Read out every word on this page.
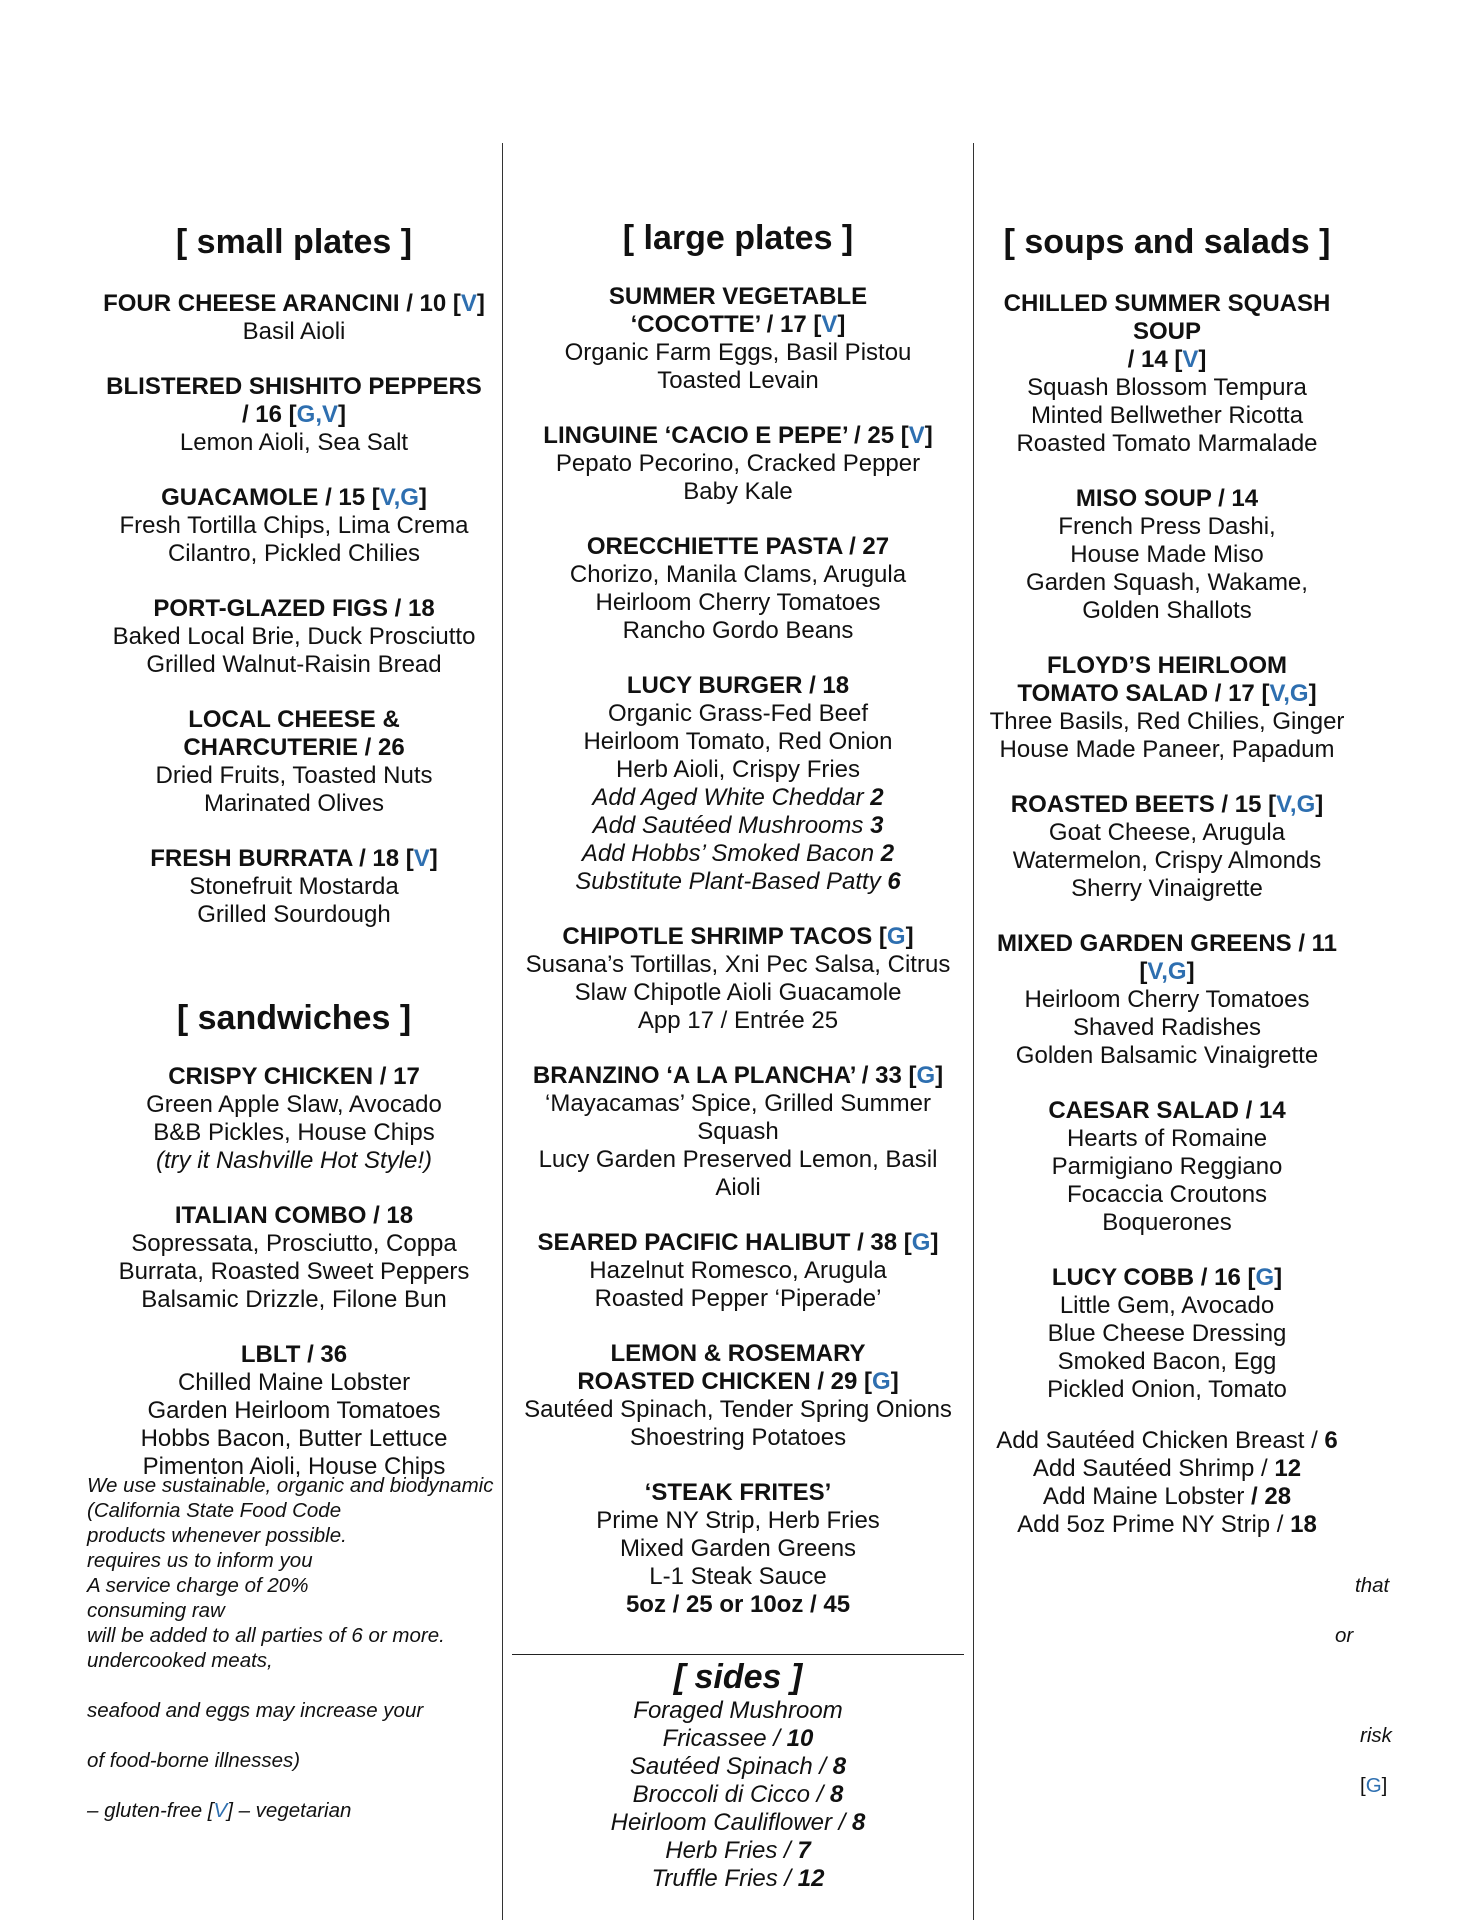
[ small plates ]
FOUR CHEESE ARANCINI / 10 [V]
Basil Aioli
BLISTERED SHISHITO PEPPERS
/ 16 [G,V]
Lemon Aioli, Sea Salt
GUACAMOLE / 15 [V,G]
Fresh Tortilla Chips, Lima Crema
Cilantro, Pickled Chilies
PORT-GLAZED FIGS / 18
Baked Local Brie, Duck Prosciutto
Grilled Walnut-Raisin Bread
LOCAL CHEESE &
CHARCUTERIE / 26
Dried Fruits, Toasted Nuts
Marinated Olives
FRESH BURRATA / 18 [V]
Stonefruit Mostarda
Grilled Sourdough
[ sandwiches ]
CRISPY CHICKEN / 17
Green Apple Slaw, Avocado
B&B Pickles, House Chips
(try it Nashville Hot Style!)
ITALIAN COMBO / 18
Sopressata, Prosciutto, Coppa
Burrata, Roasted Sweet Peppers
Balsamic Drizzle, Filone Bun
LBLT / 36
Chilled Maine Lobster
Garden Heirloom Tomatoes
Hobbs Bacon, Butter Lettuce
Pimenton Aioli, House Chips
[ large plates ]
SUMMER VEGETABLE
‘COCOTTE’ / 17 [V]
Organic Farm Eggs, Basil Pistou
Toasted Levain
LINGUINE ‘CACIO E PEPE’ / 25 [V]
Pepato Pecorino, Cracked Pepper
Baby Kale
ORECCHIETTE PASTA / 27
Chorizo, Manila Clams, Arugula
Heirloom Cherry Tomatoes
Rancho Gordo Beans
LUCY BURGER / 18
Organic Grass-Fed Beef
Heirloom Tomato, Red Onion
Herb Aioli, Crispy Fries
Add Aged White Cheddar 2
Add Sautéed Mushrooms 3
Add Hobbs’ Smoked Bacon 2
Substitute Plant-Based Patty 6
CHIPOTLE SHRIMP TACOS [G]
Susana’s Tortillas, Xni Pec Salsa, Citrus
Slaw Chipotle Aioli Guacamole
App 17 / Entrée 25
BRANZINO ‘A LA PLANCHA’ / 33 [G]
‘Mayacamas’ Spice, Grilled Summer
Squash
Lucy Garden Preserved Lemon, Basil
Aioli
SEARED PACIFIC HALIBUT / 38 [G]
Hazelnut Romesco, Arugula
Roasted Pepper ‘Piperade’
LEMON & ROSEMARY
ROASTED CHICKEN / 29 [G]
Sautéed Spinach, Tender Spring Onions
Shoestring Potatoes
‘STEAK FRITES’
Prime NY Strip, Herb Fries
Mixed Garden Greens
L-1 Steak Sauce
5oz / 25 or 10oz / 45
[ sides ]
Foraged Mushroom
Fricassee / 10
Sautéed Spinach / 8
Broccoli di Cicco / 8
Heirloom Cauliflower / 8
Herb Fries / 7
Truffle Fries / 12
[ soups and salads ]
CHILLED SUMMER SQUASH
SOUP
/ 14 [V]
Squash Blossom Tempura
Minted Bellwether Ricotta
Roasted Tomato Marmalade
MISO SOUP / 14
French Press Dashi,
House Made Miso
Garden Squash, Wakame,
Golden Shallots
FLOYD’S HEIRLOOM
TOMATO SALAD / 17 [V,G]
Three Basils, Red Chilies, Ginger
House Made Paneer, Papadum
ROASTED BEETS / 15 [V,G]
Goat Cheese, Arugula
Watermelon, Crispy Almonds
Sherry Vinaigrette
MIXED GARDEN GREENS / 11
[V,G]
Heirloom Cherry Tomatoes
Shaved Radishes
Golden Balsamic Vinaigrette
CAESAR SALAD / 14
Hearts of Romaine
Parmigiano Reggiano
Focaccia Croutons
Boquerones
LUCY COBB / 16 [G]
Little Gem, Avocado
Blue Cheese Dressing
Smoked Bacon, Egg
Pickled Onion, Tomato
Add Sautéed Chicken Breast / 6
Add Sautéed Shrimp / 12
Add Maine Lobster / 28
Add 5oz Prime NY Strip / 18
We use sustainable, organic and biodynamic
(California State Food Code
products whenever possible.
requires us to inform you
A service charge of 20%
consuming raw
will be added to all parties of 6 or more.
undercooked meats,
seafood and eggs may increase your
of food-borne illnesses)
– gluten-free [V] – vegetarian
that
or
risk
[G]
